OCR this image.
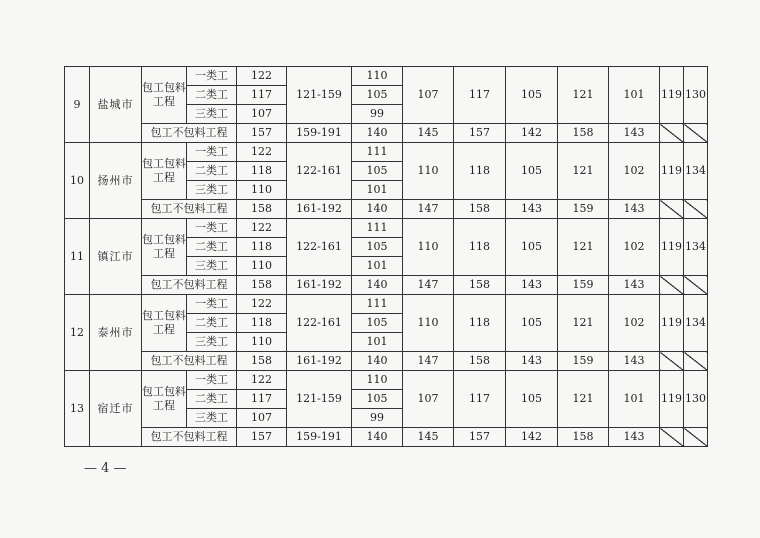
9	盐城市	包工包料工程	一类工	122	121-159	110	107	117	105	121	101	119	130
			二类工	117		105							
			三类工	107		99							
		包工不包料工程		157	159-191	140	145	157	142	158	143		
10	扬州市	包工包料工程	一类工	122	122-161	111	110	118	105	121	102	119	134
			二类工	118		105							
			三类工	110		101							
		包工不包料工程		158	161-192	140	147	158	143	159	143		
11	镇江市	包工包料工程	一类工	122	122-161	111	110	118	105	121	102	119	134
			二类工	118		105							
			三类工	110		101							
		包工不包料工程		158	161-192	140	147	158	143	159	143		
12	泰州市	包工包料工程	一类工	122	122-161	111	110	118	105	121	102	119	134
			二类工	118		105							
			三类工	110		101							
		包工不包料工程		158	161-192	140	147	158	143	159	143		
13	宿迁市	包工包料工程	一类工	122	121-159	110	107	117	105	121	101	119	130
			二类工	117		105							
			三类工	107		99							
		包工不包料工程		157	159-191	140	145	157	142	158	143		
— 4 —
